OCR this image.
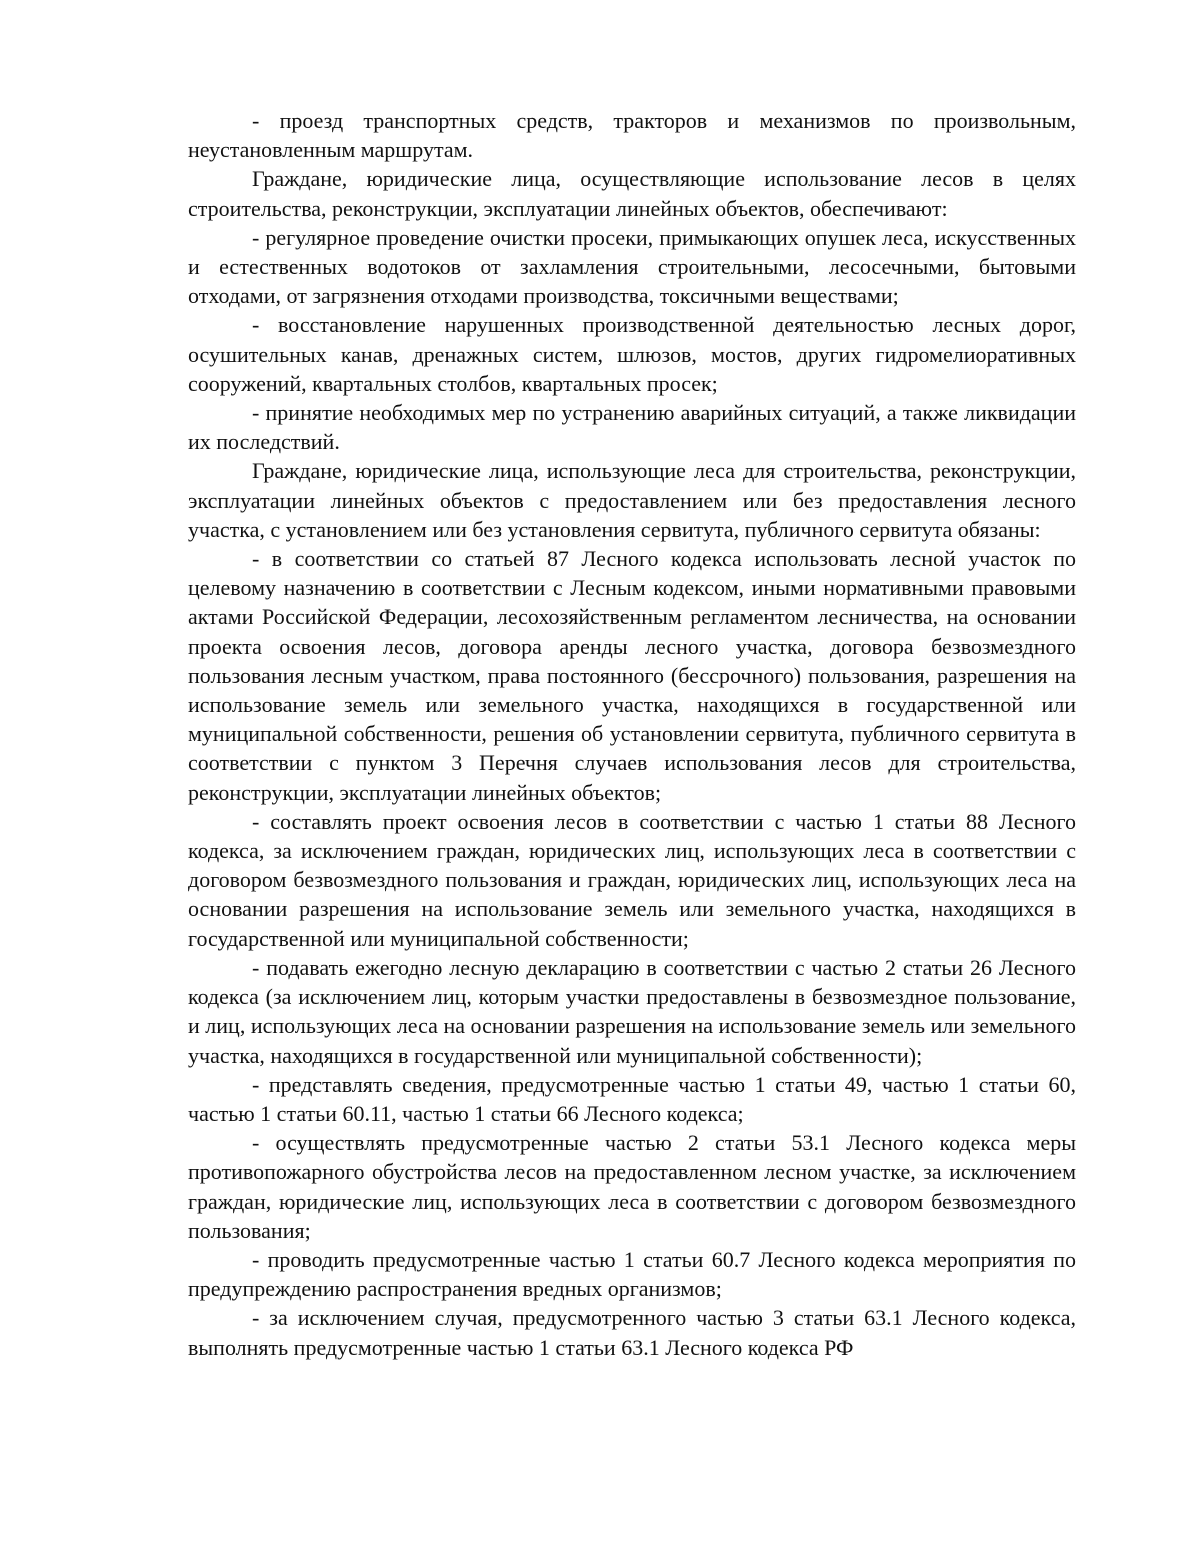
- проезд транспортных средств, тракторов и механизмов по произвольным, неустановленным маршрутам.

Граждане, юридические лица, осуществляющие использование лесов в целях строительства, реконструкции, эксплуатации линейных объектов, обеспечивают:

- регулярное проведение очистки просеки, примыкающих опушек леса, искусственных и естественных водотоков от захламления строительными, лесосечными, бытовыми отходами, от загрязнения отходами производства, токсичными веществами;

- восстановление нарушенных производственной деятельностью лесных дорог, осушительных канав, дренажных систем, шлюзов, мостов, других гидромелиоративных сооружений, квартальных столбов, квартальных просек;

- принятие необходимых мер по устранению аварийных ситуаций, а также ликвидации их последствий.

Граждане, юридические лица, использующие леса для строительства, реконструкции, эксплуатации линейных объектов с предоставлением или без предоставления лесного участка, с установлением или без установления сервитута, публичного сервитута обязаны:

- в соответствии со статьей 87 Лесного кодекса использовать лесной участок по целевому назначению в соответствии с Лесным кодексом, иными нормативными правовыми актами Российской Федерации, лесохозяйственным регламентом лесничества, на основании проекта освоения лесов, договора аренды лесного участка, договора безвозмездного пользования лесным участком, права постоянного (бессрочного) пользования, разрешения на использование земель или земельного участка, находящихся в государственной или муниципальной собственности, решения об установлении сервитута, публичного сервитута в соответствии с пунктом 3 Перечня случаев использования лесов для строительства, реконструкции, эксплуатации линейных объектов;

- составлять проект освоения лесов в соответствии с частью 1 статьи 88 Лесного кодекса, за исключением граждан, юридических лиц, использующих леса в соответствии с договором безвозмездного пользования и граждан, юридических лиц, использующих леса на основании разрешения на использование земель или земельного участка, находящихся в государственной или муниципальной собственности;

- подавать ежегодно лесную декларацию в соответствии с частью 2 статьи 26 Лесного кодекса (за исключением лиц, которым участки предоставлены в безвозмездное пользование, и лиц, использующих леса на основании разрешения на использование земель или земельного участка, находящихся в государственной или муниципальной собственности);

- представлять сведения, предусмотренные частью 1 статьи 49, частью 1 статьи 60, частью 1 статьи 60.11, частью 1 статьи 66 Лесного кодекса;

- осуществлять предусмотренные частью 2 статьи 53.1 Лесного кодекса меры противопожарного обустройства лесов на предоставленном лесном участке, за исключением граждан, юридические лиц, использующих леса в соответствии с договором безвозмездного пользования;

- проводить предусмотренные частью 1 статьи 60.7 Лесного кодекса мероприятия по предупреждению распространения вредных организмов;

- за исключением случая, предусмотренного частью 3 статьи 63.1 Лесного кодекса, выполнять предусмотренные частью 1 статьи 63.1 Лесного кодекса РФ
